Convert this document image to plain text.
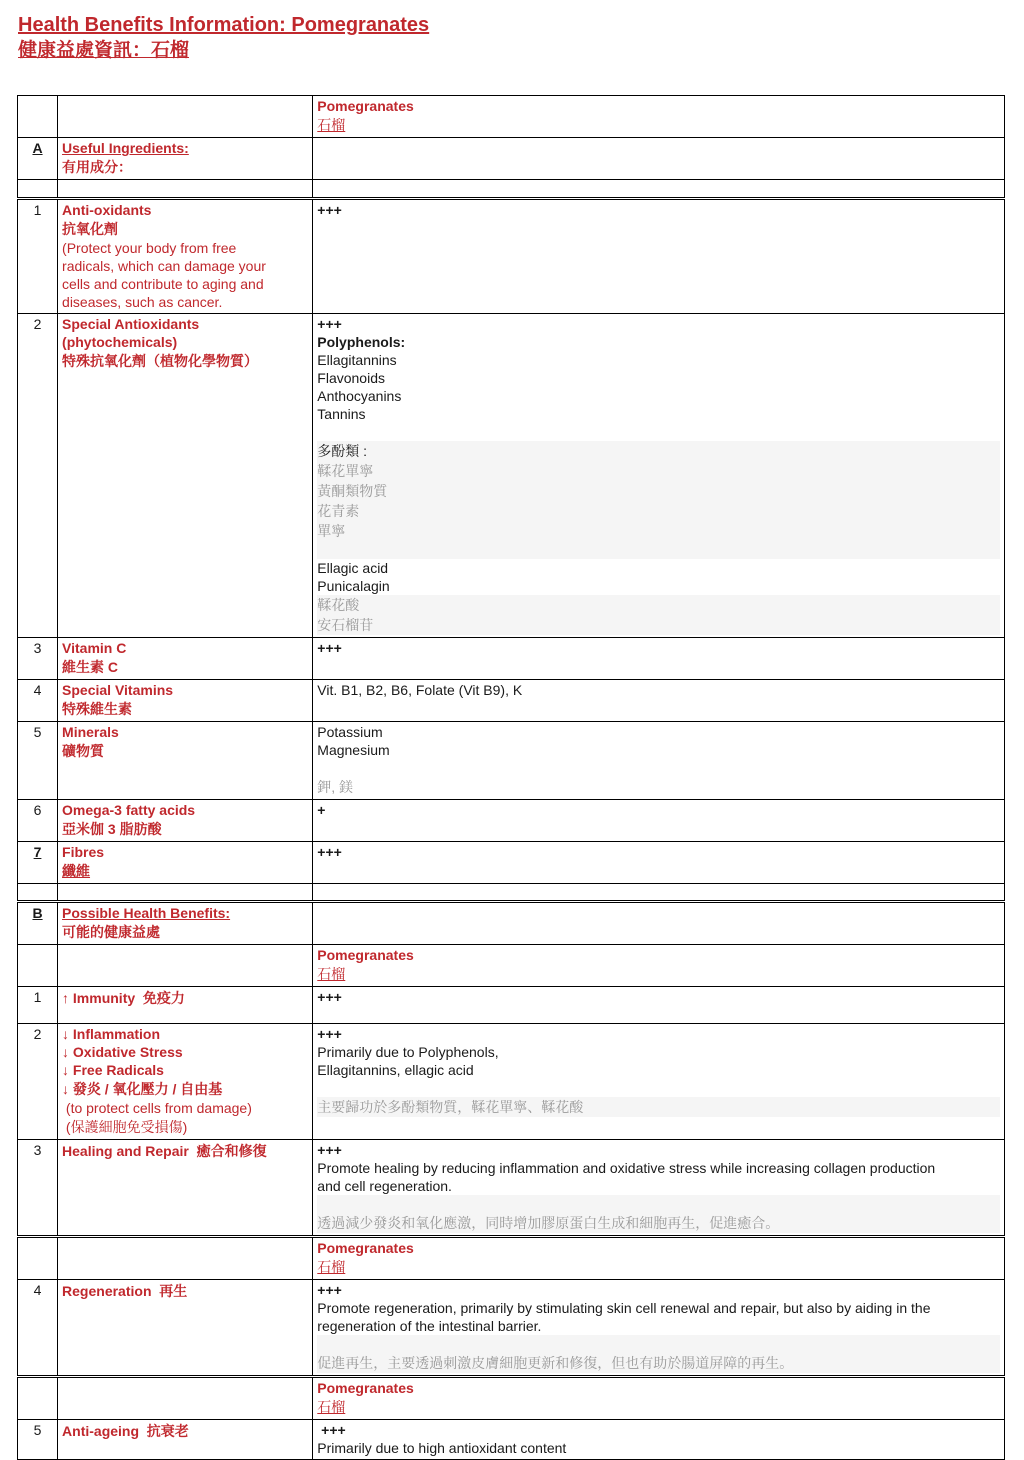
Health Benefits Information: Pomegranates
健康益處資訊：石榴

		Pomegranates
石榴

A	Useful Ingredients:
有用成分：	

1	Anti-oxidants
抗氧化劑
(Protect your body from free
radicals, which can damage your
cells and contribute to aging and
diseases, such as cancer.

+++

2	Special Antioxidants
(phytochemicals)
特殊抗氧化劑（植物化學物質）

+++
Polyphenols:
Ellagitannins
Flavonoids
Anthocyanins
Tannins
多酚類 :
鞣花單寧
黃酮類物質
花青素
單寧
Ellagic acid
Punicalagin
鞣花酸
安石榴苷

3	Vitamin C
維生素 C	+++

4	Special Vitamins
特殊維生素	Vit. B1, B2, B6, Folate (Vit B9), K

5	Minerals
礦物質

Potassium
Magnesium
鉀, 鎂

6	Omega-3 fatty acids
亞米伽 3 脂肪酸	+

7	Fibres
纖維	+++

B	Possible Health Benefits:
可能的健康益處	

		Pomegranates
石榴

1	↑ Immunity  免疫力	+++

2	↓ Inflammation
↓ Oxidative Stress
↓ Free Radicals
↓ 發炎 / 氧化壓力 / 自由基
(to protect cells from damage)
(保護細胞免受損傷)

+++
Primarily due to Polyphenols,
Ellagitannins, ellagic acid
主要歸功於多酚類物質，鞣花單寧、鞣花酸

3	Healing and Repair  癒合和修復	+++
Promote healing by reducing inflammation and oxidative stress while increasing collagen production
and cell regeneration.
透過減少發炎和氧化應激，同時增加膠原蛋白生成和細胞再生，促進癒合。

		Pomegranates
石榴

4	Regeneration  再生	+++
Promote regeneration, primarily by stimulating skin cell renewal and repair, but also by aiding in the
regeneration of the intestinal barrier.
促進再生，主要透過刺激皮膚細胞更新和修復，但也有助於腸道屏障的再生。

		Pomegranates
石榴

5	Anti-ageing  抗衰老	+++
Primarily due to high antioxidant content
